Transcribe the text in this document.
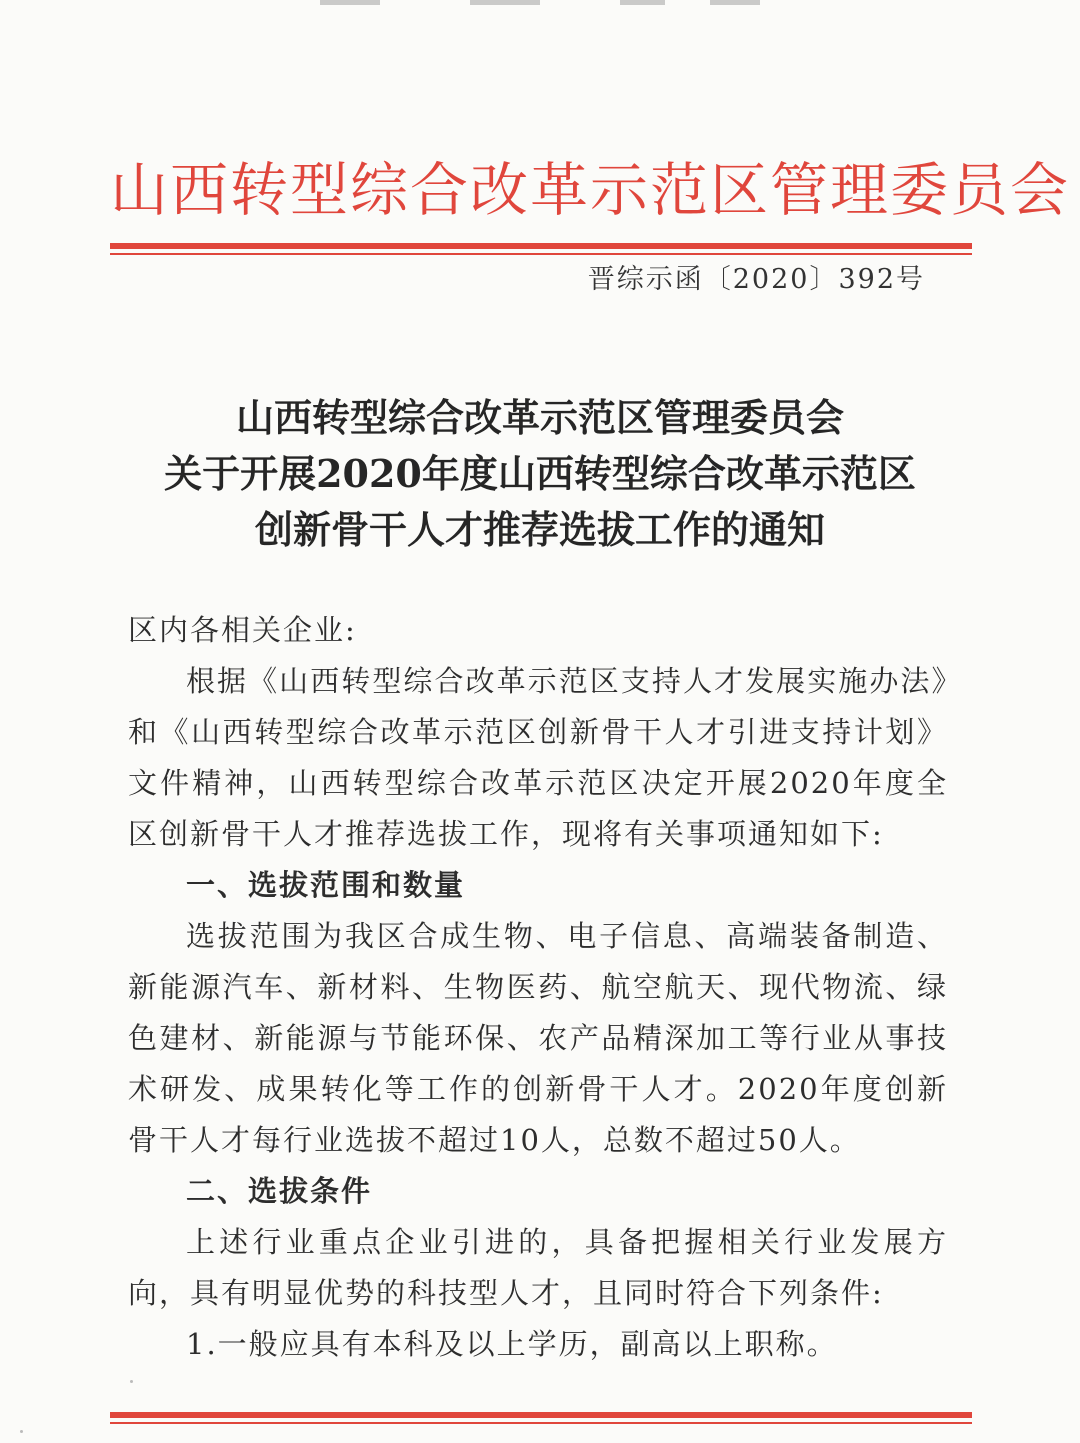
山西转型综合改革示范区管理委员会
晋综示函〔2020〕392号
山西转型综合改革示范区管理委员会
关于开展2020年度山西转型综合改革示范区
创新骨干人才推荐选拔工作的通知
区内各相关企业:

根据《山西转型综合改革示范区支持人才发展实施办法》和《山西转型综合改革示范区创新骨干人才引进支持计划》文件精神，山西转型综合改革示范区决定开展2020年度全区创新骨干人才推荐选拔工作，现将有关事项通知如下:

一、选拔范围和数量

选拔范围为我区合成生物、电子信息、高端装备制造、新能源汽车、新材料、生物医药、航空航天、现代物流、绿色建材、新能源与节能环保、农产品精深加工等行业从事技术研发、成果转化等工作的创新骨干人才。2020年度创新骨干人才每行业选拔不超过10人，总数不超过50人。

二、选拔条件

上述行业重点企业引进的，具备把握相关行业发展方向，具有明显优势的科技型人才，且同时符合下列条件:

1.一般应具有本科及以上学历，副高以上职称。
